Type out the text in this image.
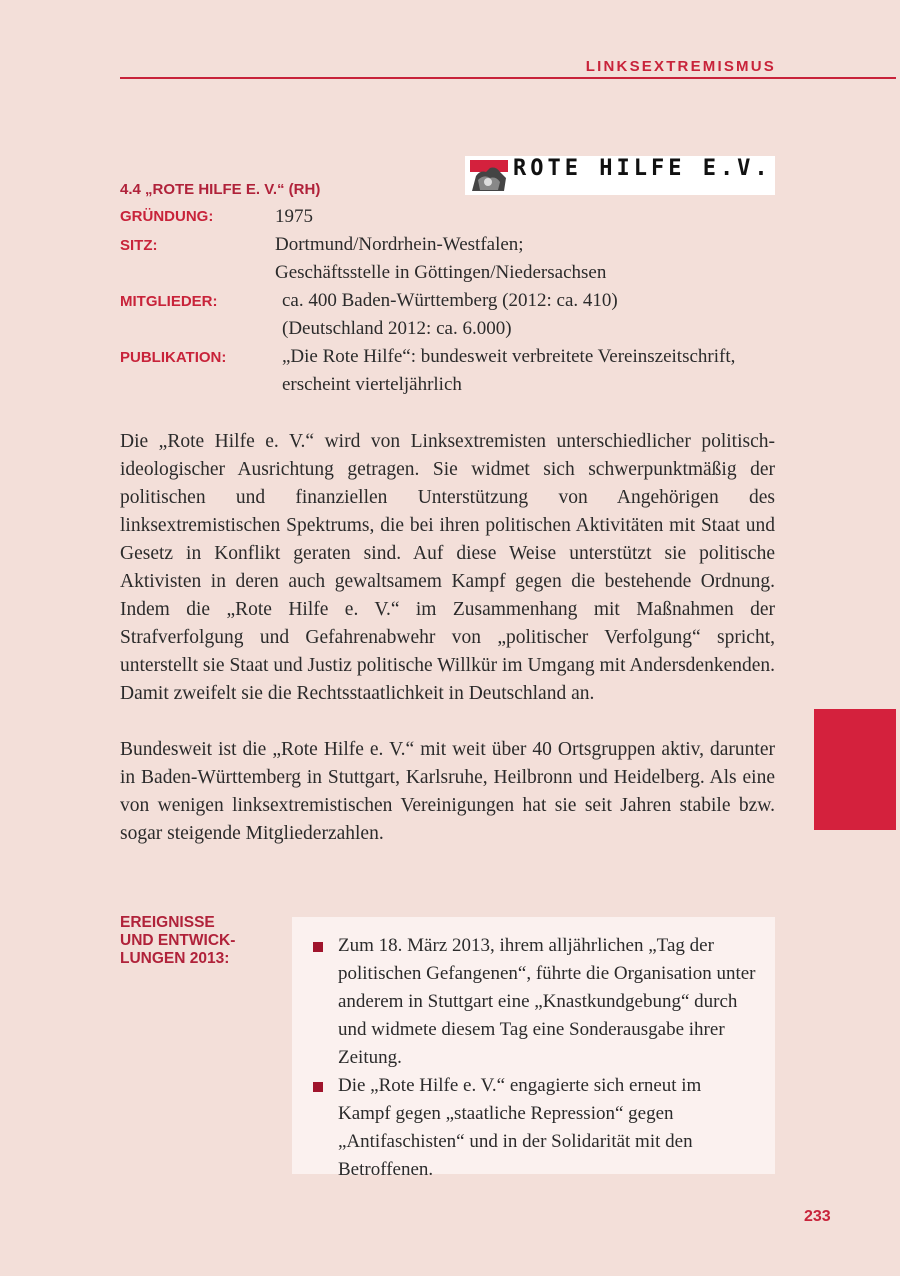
LINKSEXTREMISMUS
ROTE HILFE E.V.
4.4 „ROTE HILFE E. V.“ (RH)
GRÜNDUNG:	1975
SITZ:	Dortmund/Nordrhein-Westfalen;
Geschäftsstelle in Göttingen/Niedersachsen
MITGLIEDER:	ca. 400 Baden-Württemberg (2012: ca. 410)
(Deutschland 2012: ca. 6.000)
PUBLIKATION:	„Die Rote Hilfe“: bundesweit verbreitete Vereinszeitschrift,
erscheint vierteljährlich

Die „Rote Hilfe e. V.“ wird von Linksextremisten unterschiedlicher politisch-ideologischer Ausrichtung getragen. Sie widmet sich schwerpunktmäßig der politischen und finanziellen Unterstützung von Angehörigen des linksextremistischen Spektrums, die bei ihren politischen Aktivitäten mit Staat und Gesetz in Konflikt geraten sind. Auf diese Weise unterstützt sie politische Aktivisten in deren auch gewaltsamem Kampf gegen die bestehende Ordnung. Indem die „Rote Hilfe e. V.“ im Zusammenhang mit Maßnahmen der Strafverfolgung und Gefahrenabwehr von „politischer Verfolgung“ spricht, unterstellt sie Staat und Justiz politische Willkür im Umgang mit Andersdenkenden. Damit zweifelt sie die Rechtsstaatlichkeit in Deutschland an.

Bundesweit ist die „Rote Hilfe e. V.“ mit weit über 40 Ortsgruppen aktiv, darunter in Baden-Württemberg in Stuttgart, Karlsruhe, Heilbronn und Heidelberg. Als eine von wenigen linksextremistischen Vereinigungen hat sie seit Jahren stabile bzw. sogar steigende Mitgliederzahlen.

EREIGNISSE
UND ENTWICK-
LUNGEN 2013:

Zum 18. März 2013, ihrem alljährlichen „Tag der politischen Gefangenen“, führte die Organisation unter anderem in Stuttgart eine „Knastkundgebung“ durch und widmete diesem Tag eine Sonderausgabe ihrer Zeitung.

Die „Rote Hilfe e. V.“ engagierte sich erneut im Kampf gegen „staatliche Repression“ gegen „Antifaschisten“ und in der Solidarität mit den Betroffenen.

233
